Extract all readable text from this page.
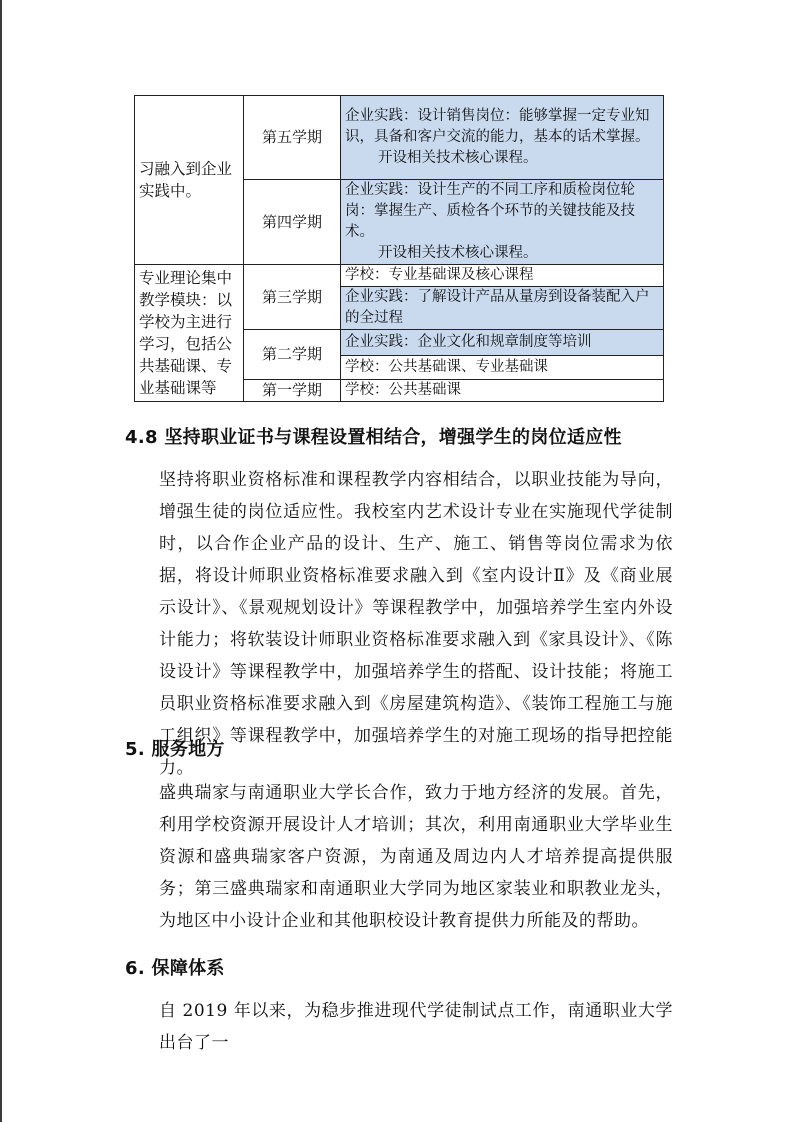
习融入到企业实践中。	第五学期	企业实践：设计销售岗位：能够掌握一定专业知识，具备和客户交流的能力，基本的话术掌握。
开设相关技术核心课程。

	第四学期	企业实践：设计生产的不同工序和质检岗位轮岗：掌握生产、质检各个环节的关键技能及技术。
开设相关技术核心课程。

专业理论集中教学模块：以学校为主进行学习，包括公共基础课、专业基础课等	第三学期	学校：专业基础课及核心课程
		企业实践：了解设计产品从量房到设备装配入户的全过程
	第二学期	企业实践：企业文化和规章制度等培训
		学校：公共基础课、专业基础课
	第一学期	学校：公共基础课
4.8 坚持职业证书与课程设置相结合，增强学生的岗位适应性
坚持将职业资格标准和课程教学内容相结合，以职业技能为导向，增强生徒的岗位适应性。我校室内艺术设计专业在实施现代学徒制时，以合作企业产品的设计、生产、施工、销售等岗位需求为依据，将设计师职业资格标准要求融入到《室内设计Ⅱ》及《商业展示设计》、《景观规划设计》等课程教学中，加强培养学生室内外设计能力；将软装设计师职业资格标准要求融入到《家具设计》、《陈设设计》等课程教学中，加强培养学生的搭配、设计技能；将施工员职业资格标准要求融入到《房屋建筑构造》、《装饰工程施工与施工组织》等课程教学中，加强培养学生的对施工现场的指导把控能力。
5. 服务地方
盛典瑞家与南通职业大学长合作，致力于地方经济的发展。首先，利用学校资源开展设计人才培训；其次，利用南通职业大学毕业生资源和盛典瑞家客户资源，为南通及周边内人才培养提高提供服务；第三盛典瑞家和南通职业大学同为地区家装业和职教业龙头，为地区中小设计企业和其他职校设计教育提供力所能及的帮助。
6. 保障体系
自 2019 年以来，为稳步推进现代学徒制试点工作，南通职业大学出台了一
